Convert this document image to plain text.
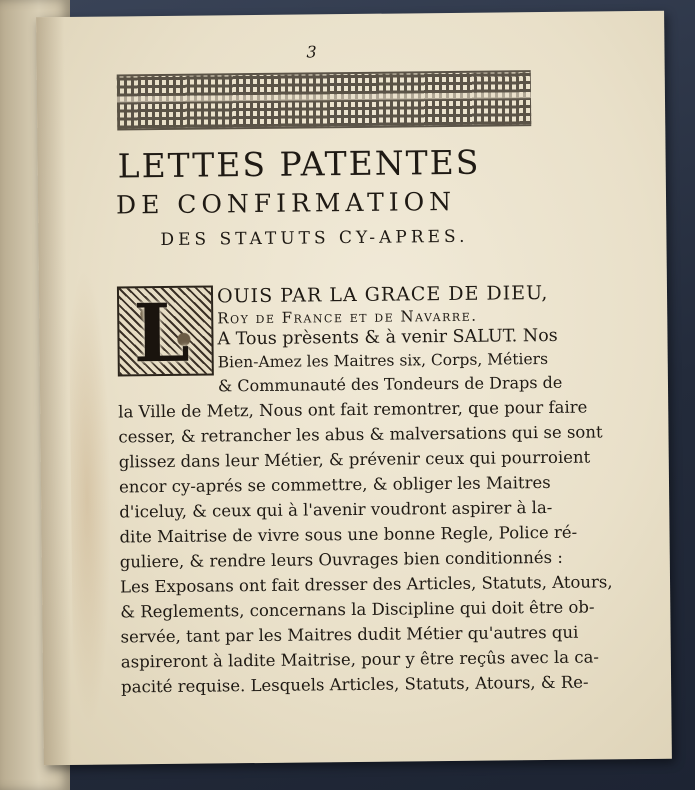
3
LETTES PATENTES
DE CONFIRMATION
DES STATUTS CY-APRES.
L OUIS PAR LA GRACE DE DIEU,
Roy de France et de Navarre.
A Tous prèsents & à venir SALUT. Nos
Bien-Amez les Maitres six, Corps, Métiers
& Communauté des Tondeurs de Draps de
la Ville de Metz, Nous ont fait remontrer, que pour faire
cesser, & retrancher les abus & malversations qui se sont
glissez dans leur Métier, & prévenir ceux qui pourroient
encor cy-aprés se commettre, & obliger les Maitres
d'iceluy, & ceux qui à l'avenir voudront aspirer à la-
dite Maitrise de vivre sous une bonne Regle, Police ré-
guliere, & rendre leurs Ouvrages bien conditionnés :
Les Exposans ont fait dresser des Articles, Statuts, Atours,
& Reglements, concernans la Discipline qui doit être ob-
servée, tant par les Maitres dudit Métier qu'autres qui
aspireront à ladite Maitrise, pour y être reçûs avec la ca-
pacité requise. Lesquels Articles, Statuts, Atours, & Re-
